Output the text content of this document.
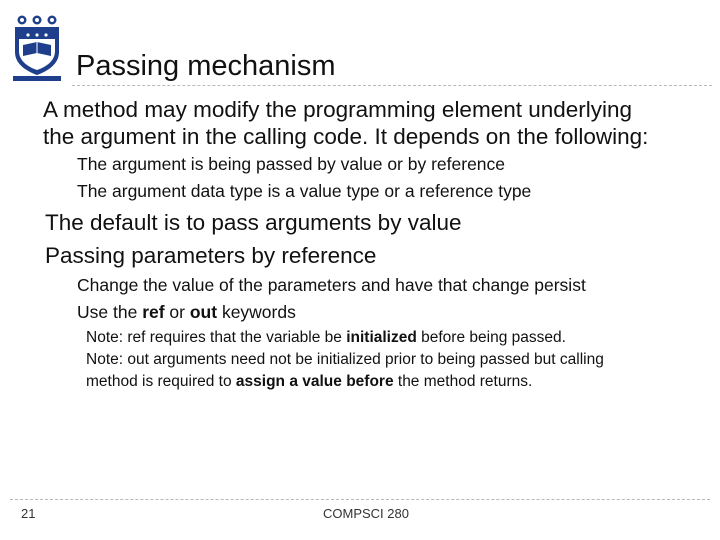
Passing mechanism
A method may modify the programming element underlying
the argument in the calling code. It depends on the following:
The argument is being passed by value or by reference
The argument data type is a value type or a reference type
The default is to pass arguments by value
Passing parameters by reference
Change the value of the parameters and have that change persist
Use the ref or out keywords
Note: ref requires that the variable be initialized before being passed.
Note: out arguments need not be initialized prior to being passed but calling
method is required to assign a value before the method returns.
21	COMPSCI 280
